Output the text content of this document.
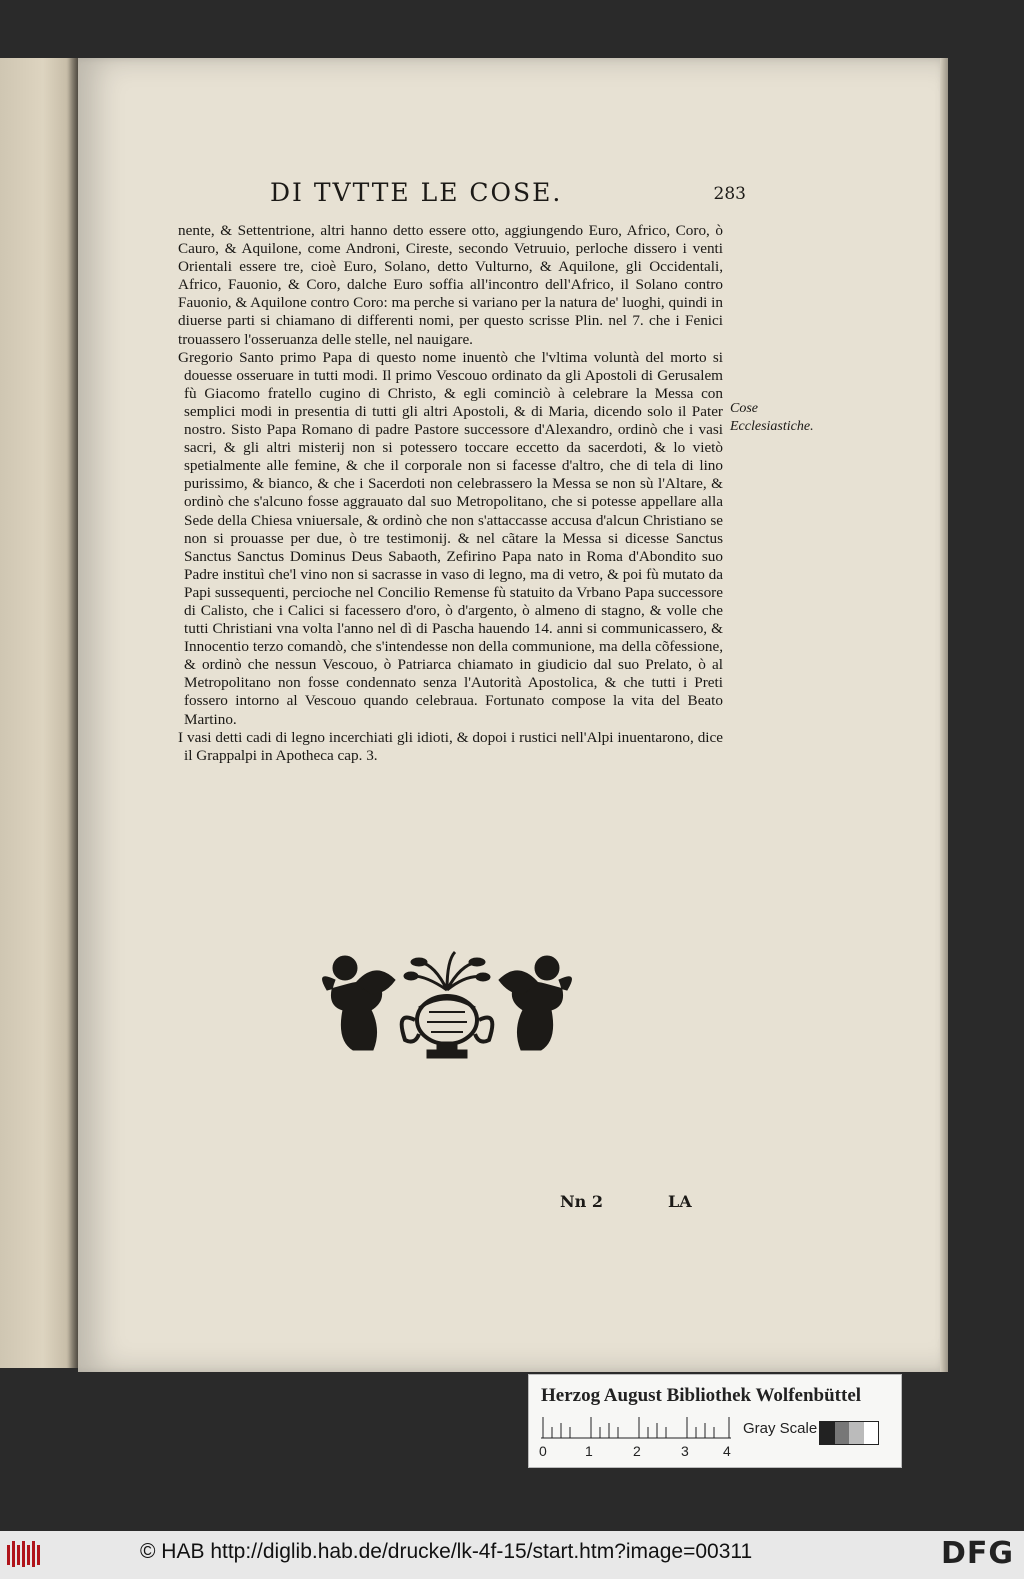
DI TVTTE LE COSE.	283

nente, & Settentrione, altri hanno detto essere otto, aggiungendo Euro, Africo, Coro, ò Cauro, & Aquilone, come Androni, Cireste, secondo Vetruuio, perloche dissero i venti Orientali essere tre, cioè Euro, Solano, detto Vulturno, & Aquilone, gli Occidentali, Africo, Fauonio, & Coro, dalche Euro soffia all'incontro dell'Africo, il Solano contro Fauonio, & Aquilone contro Coro: ma perche si variano per la natura de' luoghi, quindi in diuerse parti si chiamano di differenti nomi, per questo scrisse Plin. nel 7. che i Fenici trouassero l'osseruanza delle stelle, nel nauigare.

Gregorio Santo primo Papa di questo nome inuentò che l'vltima voluntà del morto si douesse osseruare in tutti modi. Il primo Vescouo ordinato da gli Apostoli di Gerusalem fù Giacomo fratello cugino di Christo, & egli cominciò à celebrare la Messa con semplici modi in presentia di tutti gli altri Apostoli, & di Maria, dicendo solo il Pater nostro. Sisto Papa Romano di padre Pastore successore d'Alexandro, ordinò che i vasi sacri, & gli altri misterij non si potessero toccare eccetto da sacerdoti, & lo vietò spetialmente alle femine, & che il corporale non si facesse d'altro, che di tela di lino purissimo, & bianco, & che i Sacerdoti non celebrassero la Messa se non sù l'Altare, & ordinò che s'alcuno fosse aggrauato dal suo Metropolitano, che si potesse appellare alla Sede della Chiesa vniuersale, & ordinò che non s'attaccasse accusa d'alcun Christiano se non si prouasse per due, ò tre testimonij. & nel cãtare la Messa si dicesse Sanctus Sanctus Sanctus Dominus Deus Sabaoth, Zefirino Papa nato in Roma d'Abondito suo Padre instituì che'l vino non si sacrasse in vaso di legno, ma di vetro, & poi fù mutato da Papi sussequenti, percioche nel Concilio Remense fù statuito da Vrbano Papa successore di Calisto, che i Calici si facessero d'oro, ò d'argento, ò almeno di stagno, & volle che tutti Christiani vna volta l'anno nel dì di Pascha hauendo 14. anni si communicassero, & Innocentio terzo comandò, che s'intendesse non della communione, ma della cõfessione, & ordinò che nessun Vescouo, ò Patriarca chiamato in giudicio dal suo Prelato, ò al Metropolitano non fosse condennato senza l'Autorità Apostolica, & che tutti i Preti fossero intorno al Vescouo quando celebraua. Fortunato compose la vita del Beato Martino.

I vasi detti cadi di legno incerchiati gli idioti, & dopoi i rustici nell'Alpi inuentarono, dice il Grappalpi in Apotheca cap. 3.

Cose Ecclesiastiche.
Nn 2	LA
Herzog August Bibliothek Wolfenbüttel
0	1	2	3 4
Gray Scale
© HAB http://diglib.hab.de/drucke/lk-4f-15/start.htm?image=00311	DFG
